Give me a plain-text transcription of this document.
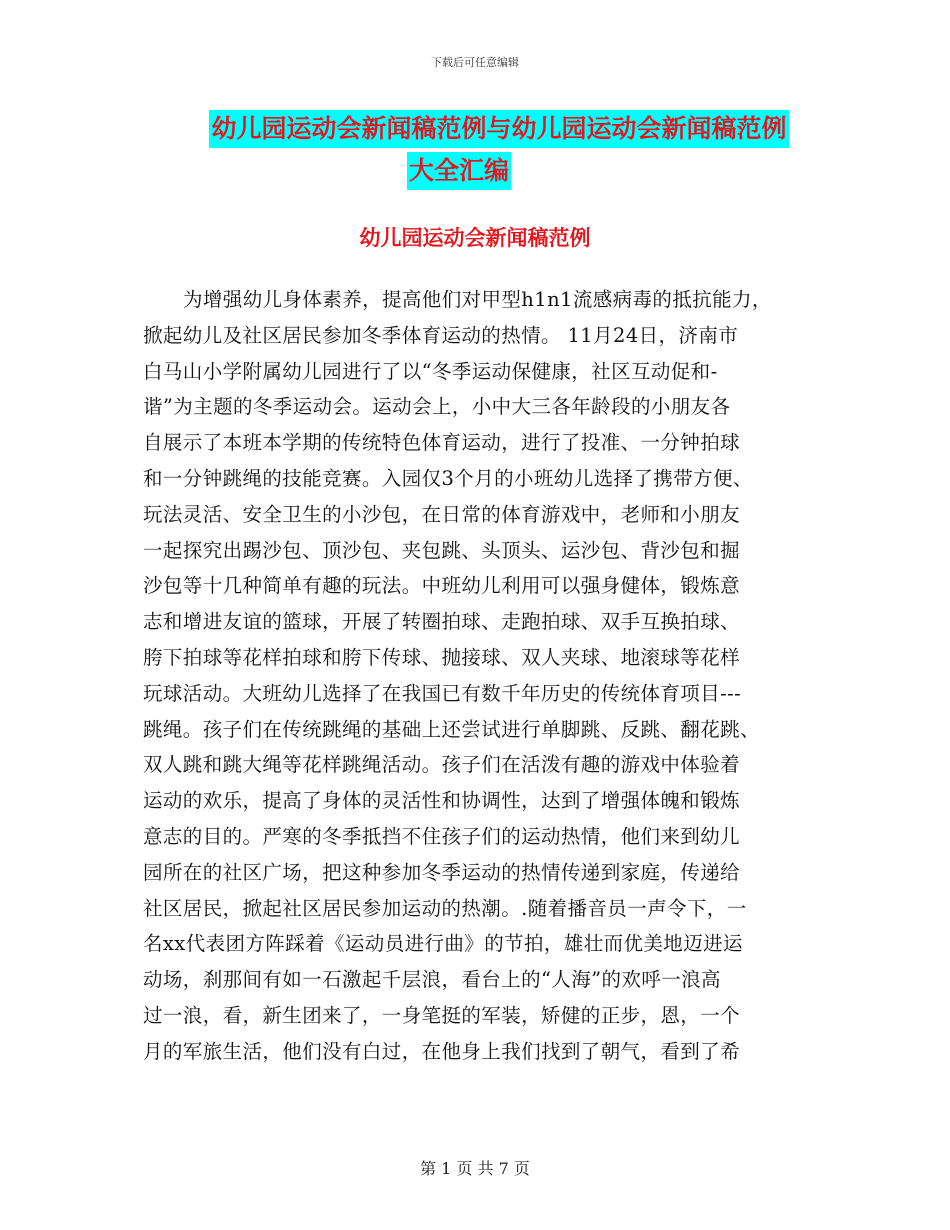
下载后可任意编辑
幼儿园运动会新闻稿范例与幼儿园运动会新闻稿范例
大全汇编
幼儿园运动会新闻稿范例
为增强幼儿身体素养，提高他们对甲型h1n1流感病毒的抵抗能力，
掀起幼儿及社区居民参加冬季体育运动的热情。 11月24日，济南市
白马山小学附属幼儿园进行了以“冬季运动保健康，社区互动促和-
谐”为主题的冬季运动会。运动会上，小中大三各年龄段的小朋友各
自展示了本班本学期的传统特色体育运动，进行了投准、一分钟拍球
和一分钟跳绳的技能竞赛。入园仅3个月的小班幼儿选择了携带方便、
玩法灵活、安全卫生的小沙包，在日常的体育游戏中，老师和小朋友
一起探究出踢沙包、顶沙包、夹包跳、头顶头、运沙包、背沙包和掘
沙包等十几种简单有趣的玩法。中班幼儿利用可以强身健体，锻炼意
志和增进友谊的篮球，开展了转圈拍球、走跑拍球、双手互换拍球、
胯下拍球等花样拍球和胯下传球、抛接球、双人夹球、地滚球等花样
玩球活动。大班幼儿选择了在我国已有数千年历史的传统体育项目---
跳绳。孩子们在传统跳绳的基础上还尝试进行单脚跳、反跳、翻花跳、
双人跳和跳大绳等花样跳绳活动。孩子们在活泼有趣的游戏中体验着
运动的欢乐，提高了身体的灵活性和协调性，达到了增强体魄和锻炼
意志的目的。严寒的冬季抵挡不住孩子们的运动热情，他们来到幼儿
园所在的社区广场，把这种参加冬季运动的热情传递到家庭，传递给
社区居民，掀起社区居民参加运动的热潮。.随着播音员一声令下，一
名xx代表团方阵踩着《运动员进行曲》的节拍，雄壮而优美地迈进运
动场，刹那间有如一石激起千层浪，看台上的“人海”的欢呼一浪高
过一浪，看，新生团来了，一身笔挺的军装，矫健的正步，恩，一个
月的军旅生活，他们没有白过，在他身上我们找到了朝气，看到了希
第 1 页 共 7 页
